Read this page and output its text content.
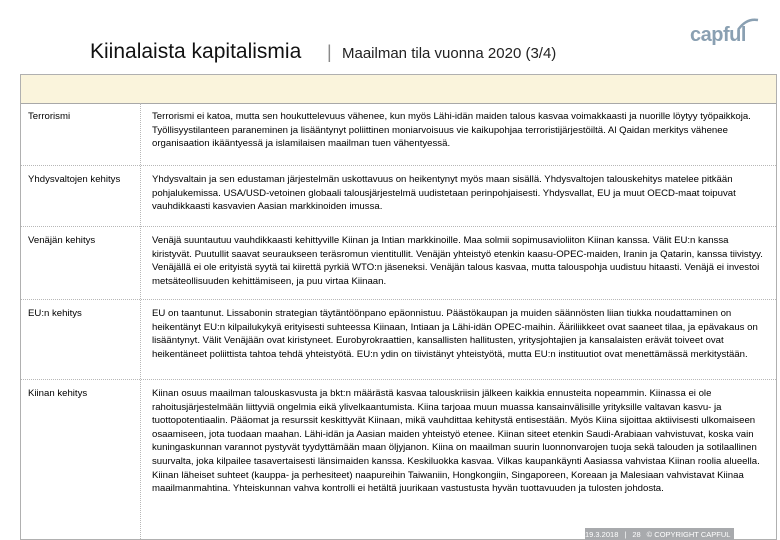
Kiinalaista kapitalismia | Maailman tila vuonna 2020 (3/4)
capful
Terrorismi	Terrorismi ei katoa, mutta sen houkuttelevuus vähenee, kun myös Lähi-idän maiden talous kasvaa voimakkaasti ja nuorille löytyy työpaikkoja. Työllisyystilanteen paraneminen ja lisääntynyt poliittinen moniarvoisuus vie kaikupohjaa terroristijärjestöiltä. Al Qaidan merkitys vähenee organisaation ikääntyessä ja islamilaisen maailman tuen vähentyessä.
Yhdysvaltojen kehitys	Yhdysvaltain ja sen edustaman järjestelmän uskottavuus on heikentynyt myös maan sisällä. Yhdysvaltojen talouskehitys matelee pitkään pohjalukemissa. USA/USD-vetoinen globaali talousjärjestelmä uudistetaan perinpohjaisesti. Yhdysvallat, EU ja muut OECD-maat toipuvat vauhdikkaasti kasvavien Aasian markkinoiden imussa.
Venäjän kehitys	Venäjä suuntautuu vauhdikkaasti kehittyville Kiinan ja Intian markkinoille. Maa solmii sopimusavioliiton Kiinan kanssa. Välit EU:n kanssa kiristyvät. Puutullit saavat seuraukseen teräsromun vientitullit. Venäjän yhteistyö etenkin kaasu-OPEC-maiden, Iranin ja Qatarin, kanssa tiivistyy. Venäjällä ei ole erityistä syytä tai kiirettä pyrkiä WTO:n jäseneksi. Venäjän talous kasvaa, mutta talouspohja uudistuu hitaasti. Venäjä ei investoi metsäteollisuuden kehittämiseen, ja puu virtaa Kiinaan.
EU:n kehitys	EU on taantunut. Lissabonin strategian täytäntöönpano epäonnistuu. Päästökaupan ja muiden säännösten liian tiukka noudattaminen on heikentänyt EU:n kilpailukykyä erityisesti suhteessa Kiinaan, Intiaan ja Lähi-idän OPEC-maihin. Ääriliikkeet ovat saaneet tilaa, ja epävakaus on lisääntynyt. Välit Venäjään ovat kiristyneet. Eurobyrokraattien, kansallisten hallitusten, yritysjohtajien ja kansalaisten erävät toiveet ovat heikentäneet poliittista tahtoa tehdä yhteistyötä. EU:n ydin on tiivistänyt yhteistyötä, mutta EU:n instituutiot ovat menettämässä merkitystään.
Kiinan kehitys	Kiinan osuus maailman talouskasvusta ja bkt:n määrästä kasvaa talouskriisin jälkeen kaikkia ennusteita nopeammin. Kiinassa ei ole rahoitusjärjestelmään liittyviä ongelmia eikä ylivelkaantumista. Kiina tarjoaa muun muassa kansainvälisille yrityksille valtavan kasvu- ja tuottopotentiaalin. Pääomat ja resurssit keskittyvät Kiinaan, mikä vauhdittaa kehitystä entisestään. Myös Kiina sijoittaa aktiivisesti ulkomaiseen osaamiseen, jota tuodaan maahan. Lähi-idän ja Aasian maiden yhteistyö etenee. Kiinan siteet etenkin Saudi-Arabiaan vahvistuvat, koska vain kuningaskunnan varannot pystyvät tyydyttämään maan öljyjanon. Kiina on maailman suurin luonnonvarojen tuoja sekä talouden ja sotilaallinen suurvalta, joka kilpailee tasavertaisesti länsimaiden kanssa. Keskiluokka kasvaa. Vilkas kaupankäynti Aasiassa vahvistaa Kiinan roolia alueella. Kiinan läheiset suhteet (kauppa- ja perhesiteet) naapureihin Taiwaniin, Hongkongiin, Singaporeen, Koreaan ja Malesiaan vahvistavat Kiinaa maailmanmahtina. Yhteiskunnan vahva kontrolli ei hetältä juurikaan vastustusta hyvän tuottavuuden ja tulosten johdosta.
19.3.2018 | 28 © COPYRIGHT CAPFUL
